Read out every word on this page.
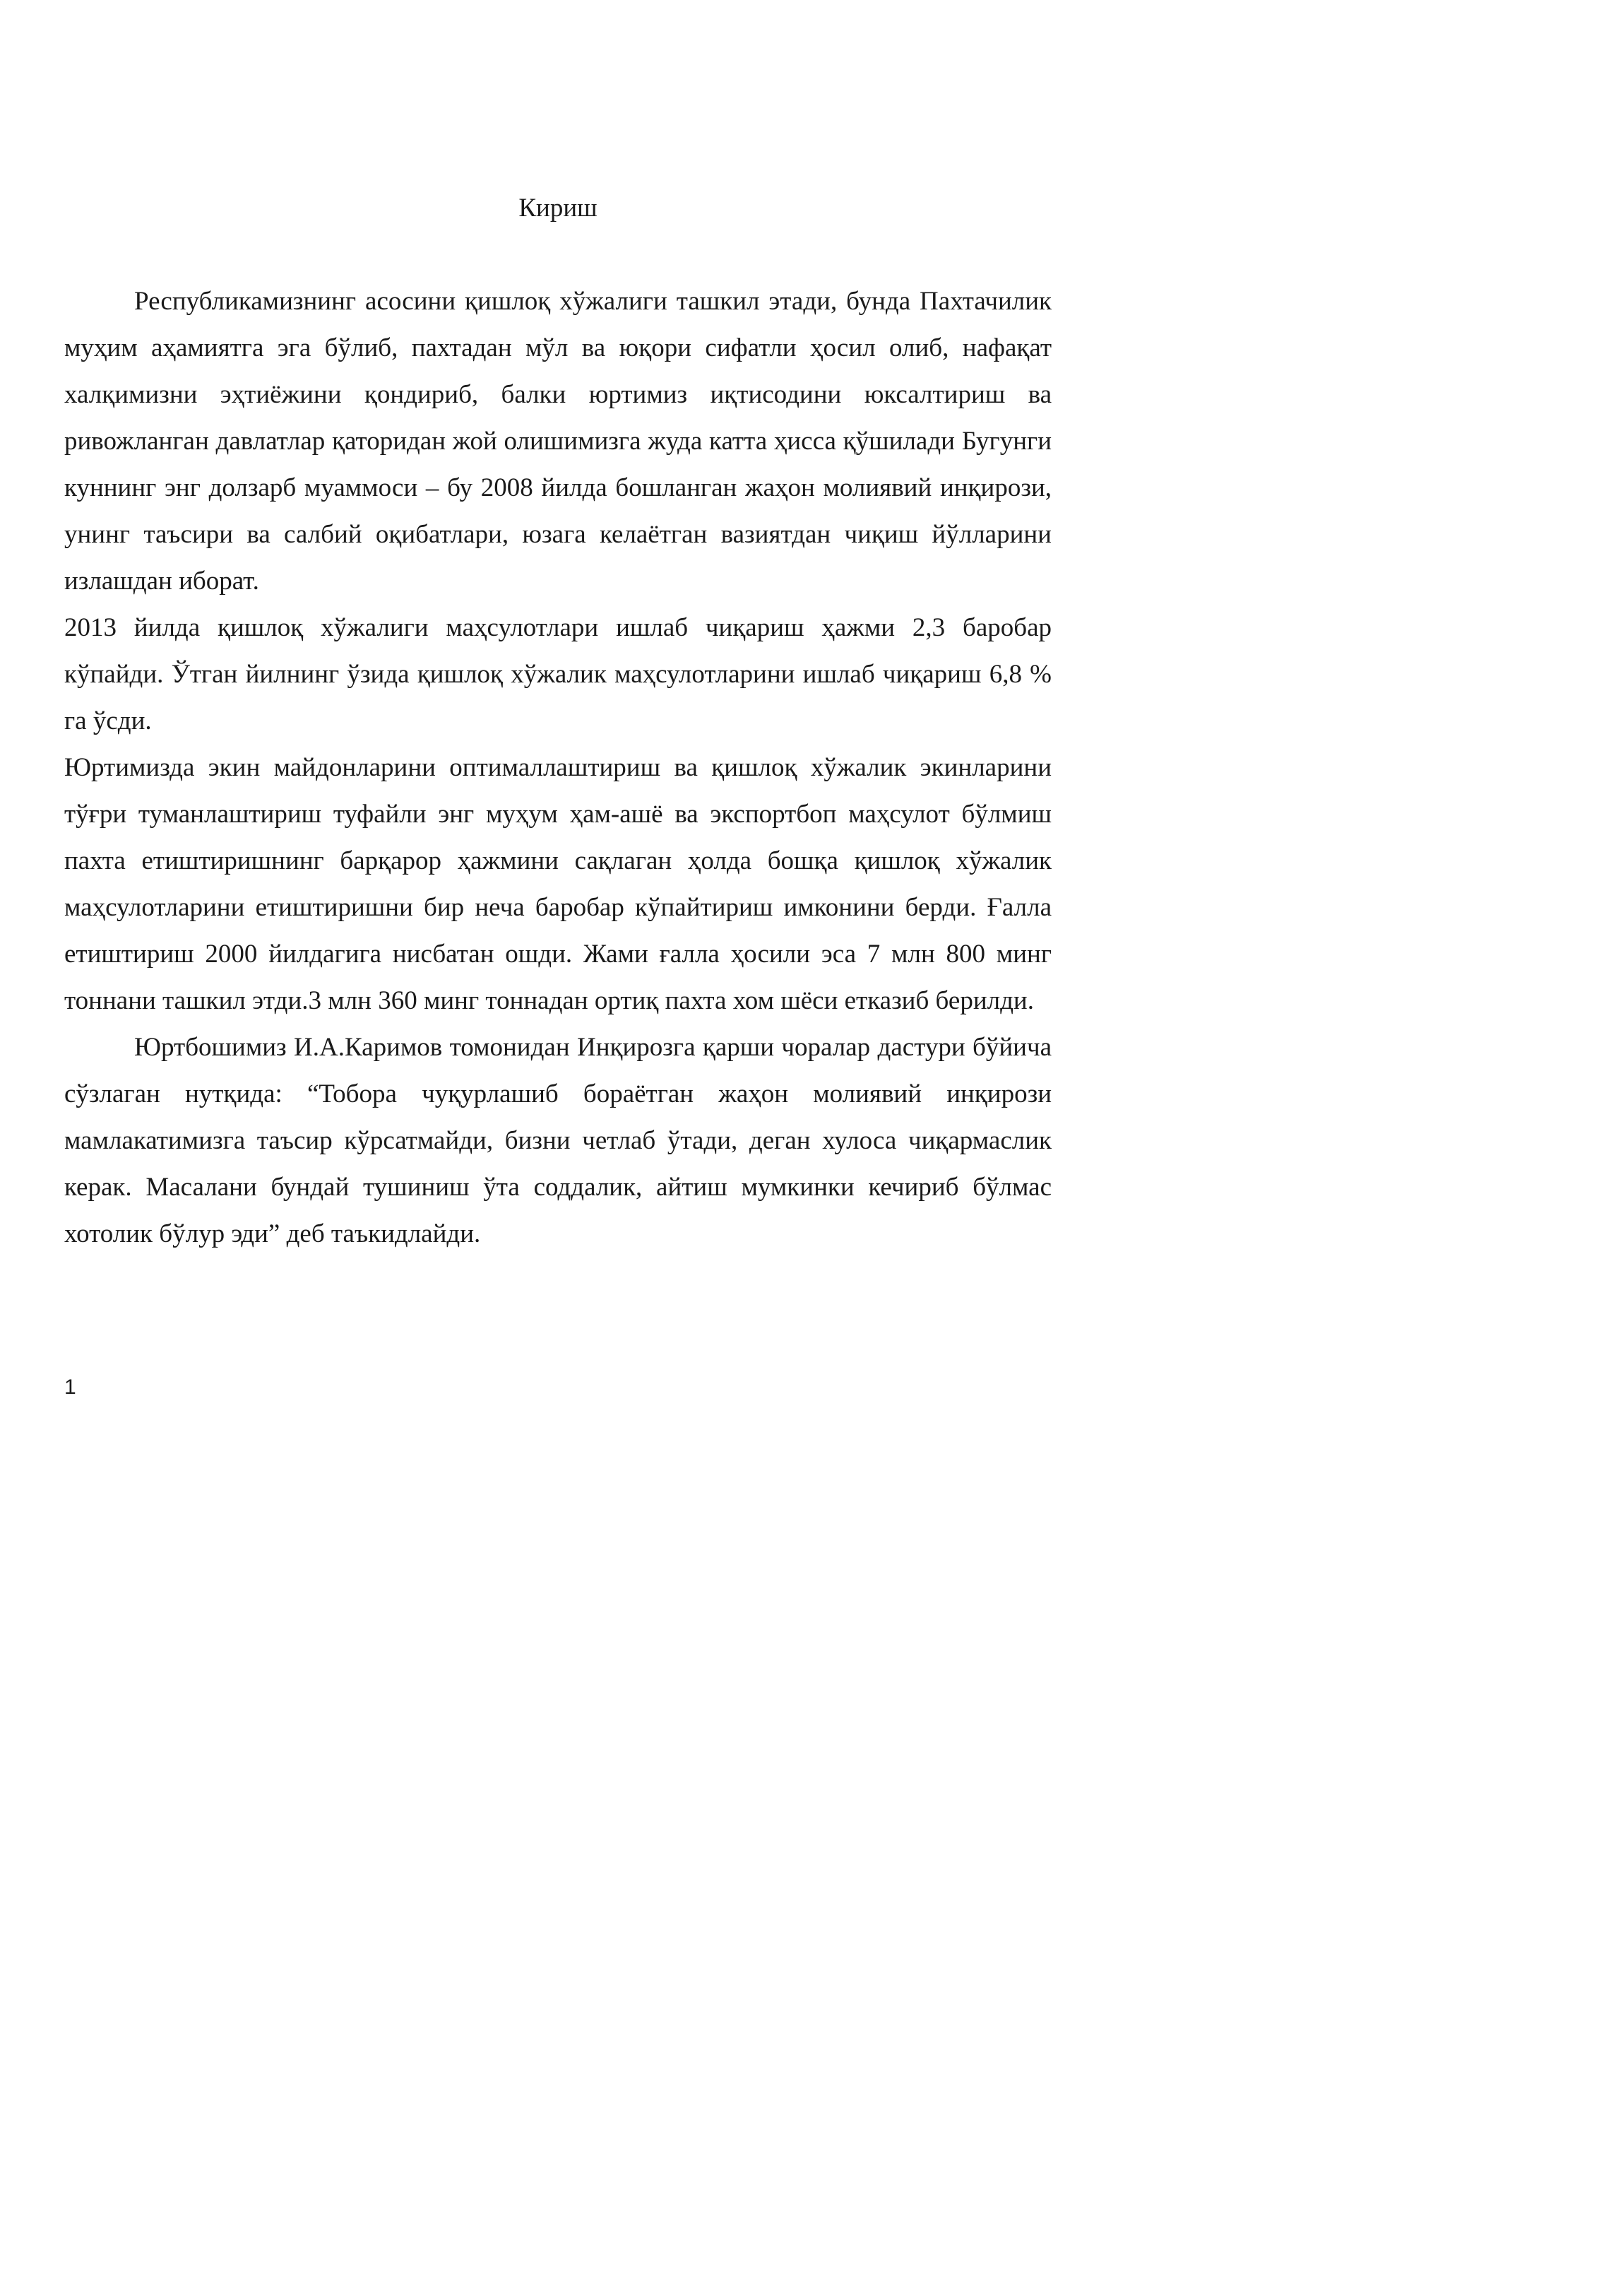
Кириш

Республикамизнинг асосини қишлоқ хўжалиги ташкил этади, бунда Пахтачилик муҳим аҳамиятга эга бўлиб, пахтадан мўл ва юқори сифатли ҳосил олиб, нафақат халқимизни эҳтиёжини қондириб, балки юртимиз иқтисодини юксалтириш ва ривожланган давлатлар қаторидан жой олишимизга жуда катта ҳисса қўшилади Бугунги куннинг энг долзарб муаммоси – бу 2008 йилда бошланган жаҳон молиявий инқирози, унинг таъсири ва салбий оқибатлари, юзага келаётган вазиятдан чиқиш йўлларини излашдан иборат.

2013 йилда қишлоқ хўжалиги маҳсулотлари ишлаб чиқариш ҳажми 2,3 баробар кўпайди. Ўтган йилнинг ўзида қишлоқ хўжалик маҳсулотларини ишлаб чиқариш 6,8 % га ўсди.

Юртимизда экин майдонларини оптималлаштириш ва қишлоқ хўжалик экинларини тўғри туманлаштириш туфайли энг муҳум ҳам-ашё ва экспортбоп маҳсулот бўлмиш пахта етиштиришнинг барқарор ҳажмини сақлаган ҳолда бошқа қишлоқ хўжалик маҳсулотларини етиштиришни бир неча баробар кўпайтириш имконини берди. Ғалла етиштириш 2000 йилдагига нисбатан ошди. Жами ғалла ҳосили эса 7 млн 800 минг тоннани ташкил этди.3 млн 360 минг тоннадан ортиқ пахта хом шёси етказиб берилди.

Юртбошимиз И.А.Каримов томонидан Инқирозга қарши чоралар дастури бўйича сўзлаган нутқида: “Тобора чуқурлашиб бораётган жаҳон молиявий инқирози мамлакатимизга таъсир кўрсатмайди, бизни четлаб ўтади, деган хулоса чиқармаслик керак. Масалани бундай тушиниш ўта соддалик, айтиш мумкинки кечириб бўлмас хотолик бўлур эди” деб таъкидлайди.

1
